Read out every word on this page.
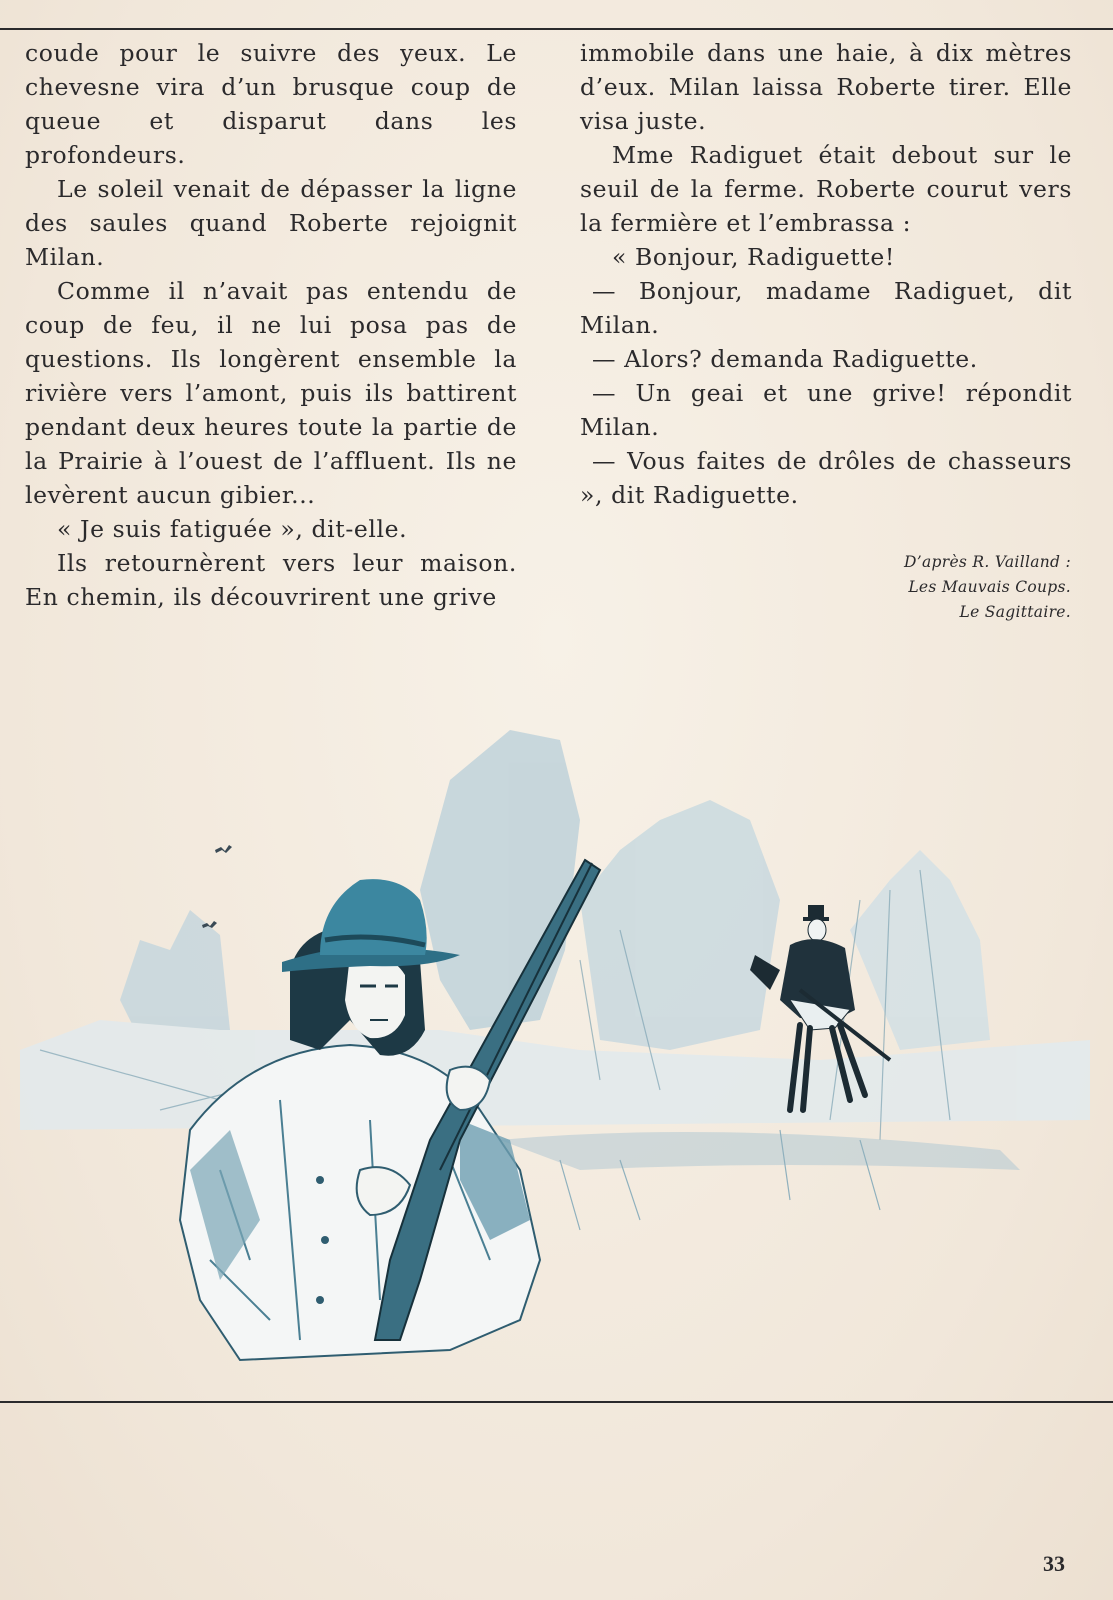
coude pour le suivre des yeux. Le chevesne vira d’un brusque coup de queue et disparut dans les profondeurs.

Le soleil venait de dépasser la ligne des saules quand Roberte rejoignit Milan.

Comme il n’avait pas entendu de coup de feu, il ne lui posa pas de questions. Ils longèrent ensemble la rivière vers l’amont, puis ils battirent pendant deux heures toute la partie de la Prairie à l’ouest de l’affluent. Ils ne levèrent aucun gibier...

« Je suis fatiguée », dit-elle.

Ils retournèrent vers leur maison. En chemin, ils découvrirent une grive

immobile dans une haie, à dix mètres d’eux. Milan laissa Roberte tirer. Elle visa juste.

Mme Radiguet était debout sur le seuil de la ferme. Roberte courut vers la fermière et l’embrassa :

« Bonjour, Radiguette!

— Bonjour, madame Radiguet, dit Milan.

— Alors? demanda Radiguette.

— Un geai et une grive! répondit Milan.

— Vous faites de drôles de chasseurs », dit Radiguette.

D’après R. Vailland :
Les Mauvais Coups.
Le Sagittaire.
33
